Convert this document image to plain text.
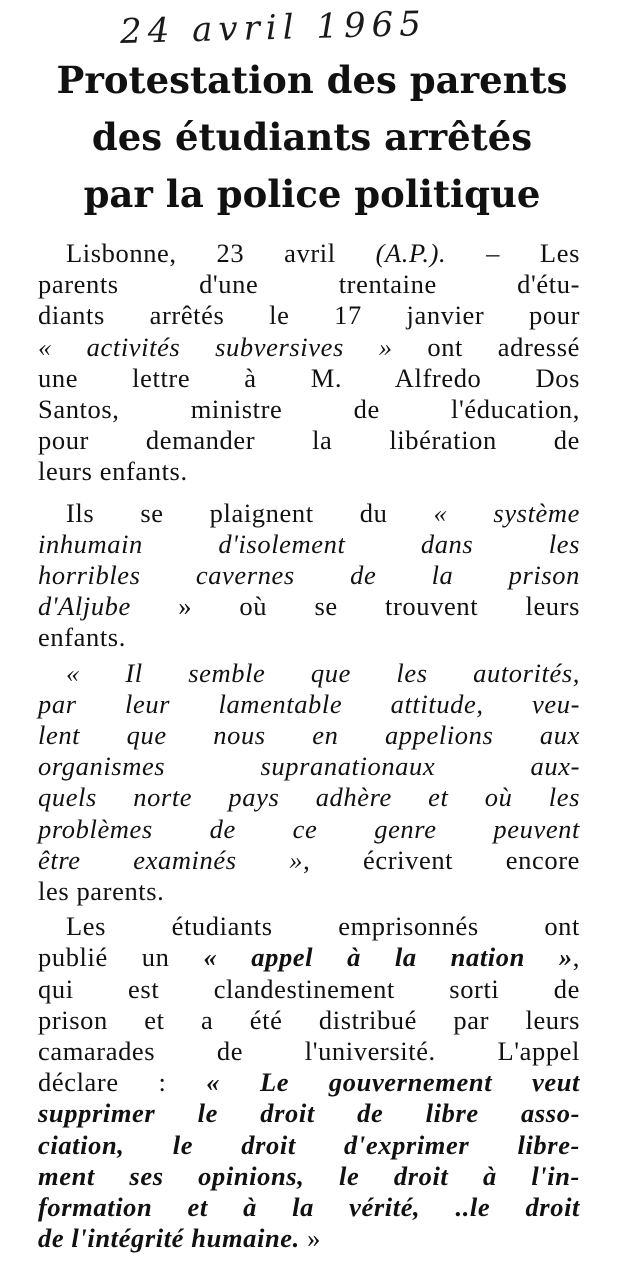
24 avril 1965
Protestation des parents
des étudiants arrêtés
par la police politique

Lisbonne, 23 avril (A.P.). – Les
parents d'une trentaine d'étu-
diants arrêtés le 17 janvier pour
« activités subversives » ont adressé
une lettre à M. Alfredo Dos
Santos, ministre de l'éducation,
pour demander la libération de
leurs enfants.

Ils se plaignent du « système
inhumain d'isolement dans les
horribles cavernes de la prison
d'Aljube » où se trouvent leurs
enfants.

« Il semble que les autorités,
par leur lamentable attitude, veu-
lent que nous en appelions aux
organismes supranationaux aux-
quels norte pays adhère et où les
problèmes de ce genre peuvent
être examinés », écrivent encore
les parents.

Les étudiants emprisonnés ont
publié un « appel à la nation »,
qui est clandestinement sorti de
prison et a été distribué par leurs
camarades de l'université. L'appel
déclare : « Le gouvernement veut
supprimer le droit de libre asso-
ciation, le droit d'exprimer libre-
ment ses opinions, le droit à l'in-
formation et à la vérité, ..le droit
de l'intégrité humaine. »
